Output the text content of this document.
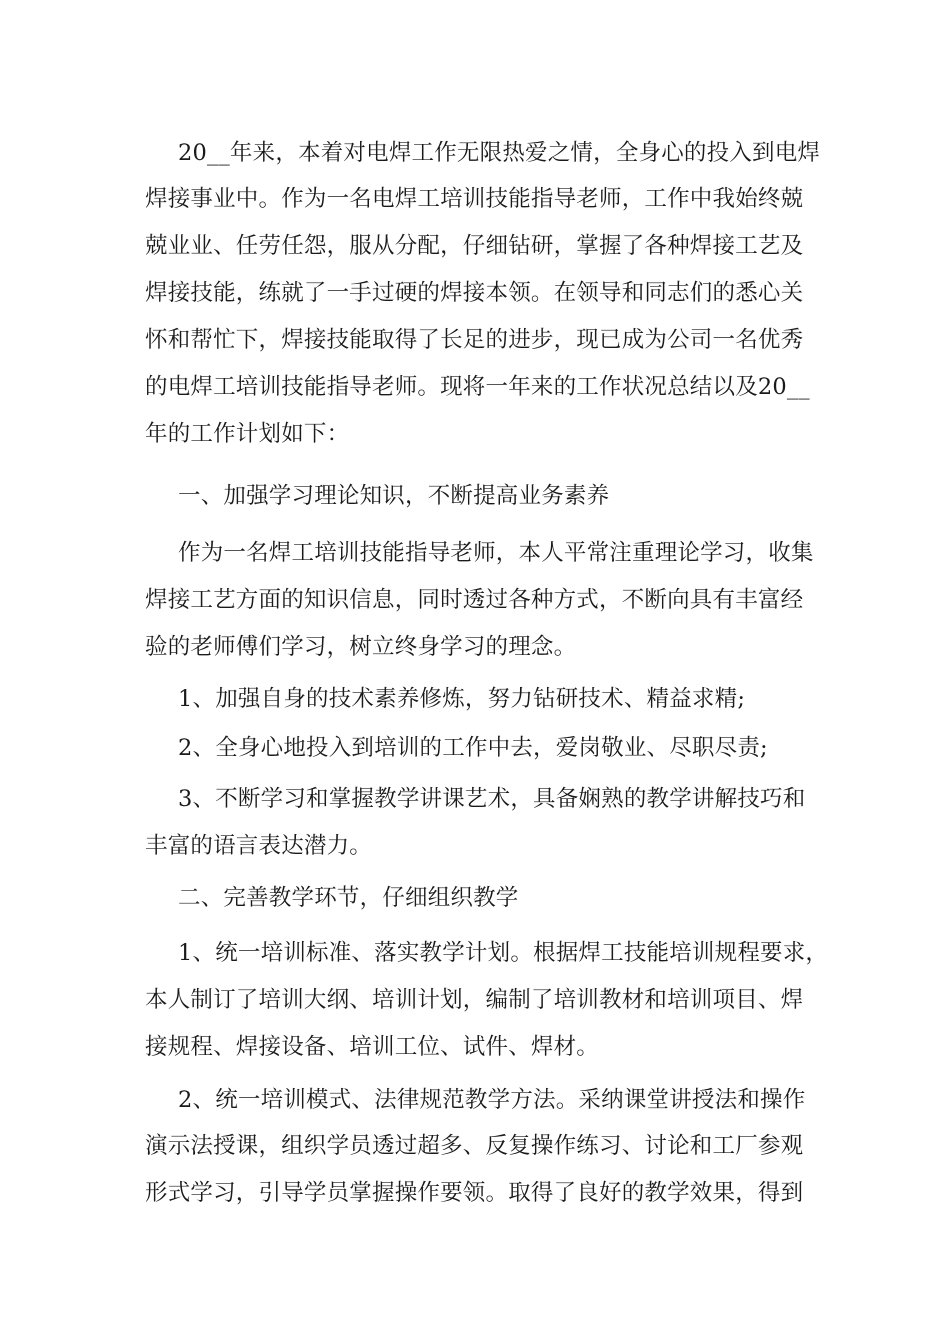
20__年来，本着对电焊工作无限热爱之情，全身心的投入到电焊
焊接事业中。作为一名电焊工培训技能指导老师，工作中我始终兢
兢业业、任劳任怨，服从分配，仔细钻研，掌握了各种焊接工艺及
焊接技能，练就了一手过硬的焊接本领。在领导和同志们的悉心关
怀和帮忙下，焊接技能取得了长足的进步，现已成为公司一名优秀
的电焊工培训技能指导老师。现将一年来的工作状况总结以及20__
年的工作计划如下：
一、加强学习理论知识，不断提高业务素养
作为一名焊工培训技能指导老师，本人平常注重理论学习，收集
焊接工艺方面的知识信息，同时透过各种方式，不断向具有丰富经
验的老师傅们学习，树立终身学习的理念。
1、加强自身的技术素养修炼，努力钻研技术、精益求精;
2、全身心地投入到培训的工作中去，爱岗敬业、尽职尽责;
3、不断学习和掌握教学讲课艺术，具备娴熟的教学讲解技巧和
丰富的语言表达潜力。
二、完善教学环节，仔细组织教学
1、统一培训标准、落实教学计划。根据焊工技能培训规程要求，
本人制订了培训大纲、培训计划，编制了培训教材和培训项目、焊
接规程、焊接设备、培训工位、试件、焊材。
2、统一培训模式、法律规范教学方法。采纳课堂讲授法和操作
演示法授课，组织学员透过超多、反复操作练习、讨论和工厂参观
形式学习，引导学员掌握操作要领。取得了良好的教学效果，得到
